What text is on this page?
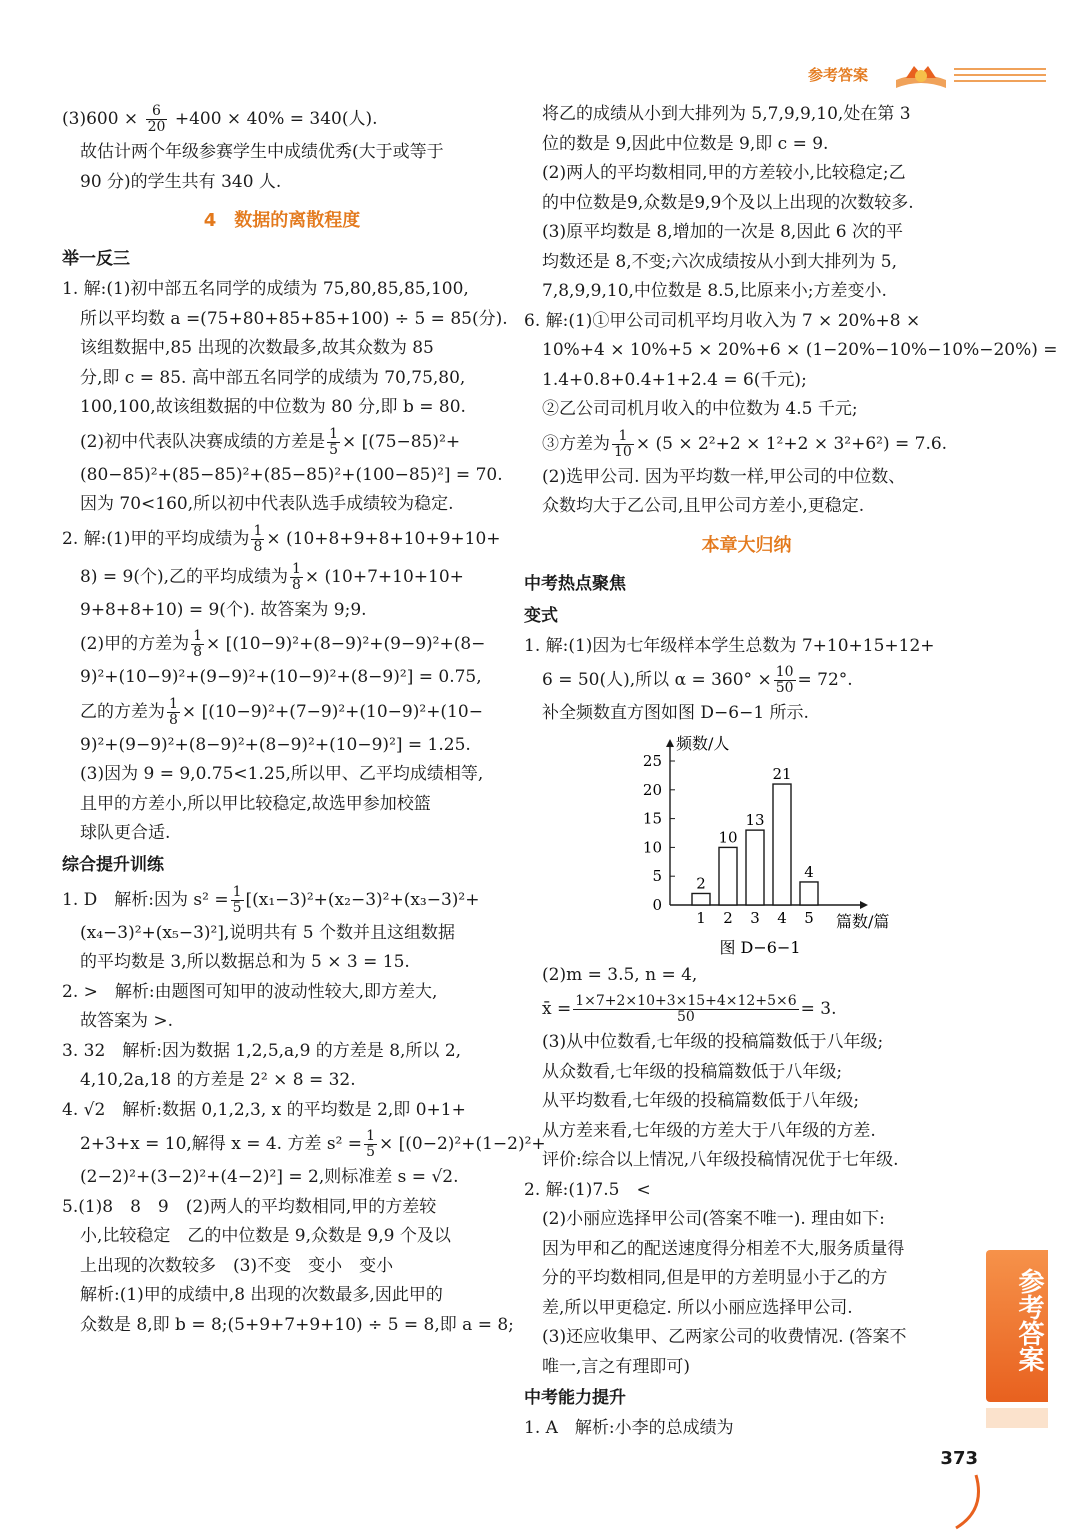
参考答案
$(3)600 \times \frac{6}{20} +400 \times 40\% = 340$(人).
故估计两个年级参赛学生中成绩优秀(大于或等于
90 分)的学生共有 340 人.
4　数据的离散程度
举一反三
1. 解:(1)初中部五名同学的成绩为 75,80,85,85,100,
所以平均数 a =(75+80+85+85+100) ÷ 5 = 85(分).
该组数据中,85 出现的次数最多,故其众数为 85
分,即 c = 85. 高中部五名同学的成绩为 70,75,80,
100,100,故该组数据的中位数为 80 分,即 b = 80.
(2)初中代表队决赛成绩的方差是 $\frac{1}{5} \times [(75-85)^2+$
(80−85)²+(85−85)²+(85−85)²+(100−85)²] = 70.
因为 70<160,所以初中代表队选手成绩较为稳定.
2. 解:(1)甲的平均成绩为 $\frac{1}{8} \times (10+8+9+8+10+9+10+$
8) = 9(个),乙的平均成绩为 $\frac{1}{8} \times (10+7+10+10+$
9+8+8+10) = 9(个). 故答案为 9;9.
(2)甲的方差为 $\frac{1}{8} \times [(10-9)^2+(8-9)^2+(9-9)^2+(8-$
9)²+(10−9)²+(9−9)²+(10−9)²+(8−9)²] = 0.75,
乙的方差为 $\frac{1}{8} \times [(10-9)^2+(7-9)^2+(10-9)^2+(10-$
9)²+(9−9)²+(8−9)²+(8−9)²+(10−9)²] = 1.25.
(3)因为 9 = 9,0.75<1.25,所以甲、乙平均成绩相等,
且甲的方差小,所以甲比较稳定,故选甲参加校篮
球队更合适.
综合提升训练
1. D　解析:因为 $s^2 = \frac{1}{5} [(x_1-3)^2+(x_2-3)^2+(x_3-3)^2+$
(x₄−3)²+(x₅−3)²],说明共有 5 个数并且这组数据
的平均数是 3,所以数据总和为 5 × 3 = 15.
2. >　解析:由题图可知甲的波动性较大,即方差大,
故答案为 >.
3. 32　解析:因为数据 1,2,5,a,9 的方差是 8,所以 2,
4,10,2a,18 的方差是 2² × 8 = 32.
4. √2　解析:数据 0,1,2,3, x 的平均数是 2,即 0+1+
2+3+x = 10,解得 x = 4. 方差 $s^2 = \frac{1}{5} \times [(0-2)^2+(1-2)^2+$
(2−2)²+(3−2)²+(4−2)²] = 2,则标准差 s = √2.
5.(1)8　8　9　(2)两人的平均数相同,甲的方差较
小,比较稳定　乙的中位数是 9,众数是 9,9 个及以
上出现的次数较多　(3)不变　变小　变小
解析:(1)甲的成绩中,8 出现的次数最多,因此甲的
众数是 8,即 b = 8;(5+9+7+9+10) ÷ 5 = 8,即 a = 8;
将乙的成绩从小到大排列为 5,7,9,9,10,处在第 3
位的数是 9,因此中位数是 9,即 c = 9.
(2)两人的平均数相同,甲的方差较小,比较稳定;乙
的中位数是9,众数是9,9个及以上出现的次数较多.
(3)原平均数是 8,增加的一次是 8,因此 6 次的平
均数还是 8,不变;六次成绩按从小到大排列为 5,
7,8,9,9,10,中位数是 8.5,比原来小;方差变小.
6. 解:(1)①甲公司司机平均月收入为 7 × 20%+8 ×
10%+4 × 10%+5 × 20%+6 × (1−20%−10%−10%−20%) =
1.4+0.8+0.4+1+2.4 = 6(千元);
②乙公司司机月收入的中位数为 4.5 千元;
③方差为 $\frac{1}{10} \times (5 \times 2^2+2 \times 1^2+2 \times 3^2+6^2) = 7.6$.
(2)选甲公司. 因为平均数一样,甲公司的中位数、
众数均大于乙公司,且甲公司方差小,更稳定.
本章大归纳
中考热点聚焦
变式
1. 解:(1)因为七年级样本学生总数为 7+10+15+12+
6 = 50(人),所以 $\alpha = 360^\circ \times \frac{10}{50} = 72^\circ$.
补全频数直方图如图 D−6−1 所示.
0
5
10
15
20
25
2
1
10
2
13
3
21
4
4
5
频数/人
篇数/篇
图 D−6−1
(2)m = 3.5, n = 4,
x̄ = $\frac{1\times 7+2\times 10+3\times 15+4\times 12+5\times 6}{50} = 3$.
(3)从中位数看,七年级的投稿篇数低于八年级;
从众数看,七年级的投稿篇数低于八年级;
从平均数看,七年级的投稿篇数低于八年级;
从方差来看,七年级的方差大于八年级的方差.
评价:综合以上情况,八年级投稿情况优于七年级.
2. 解:(1)7.5　<
(2)小丽应选择甲公司(答案不唯一). 理由如下:
因为甲和乙的配送速度得分相差不大,服务质量得
分的平均数相同,但是甲的方差明显小于乙的方
差,所以甲更稳定. 所以小丽应选择甲公司.
(3)还应收集甲、乙两家公司的收费情况. (答案不
唯一,言之有理即可)
中考能力提升
1. A　解析:小李的总成绩为
参考答案
373
